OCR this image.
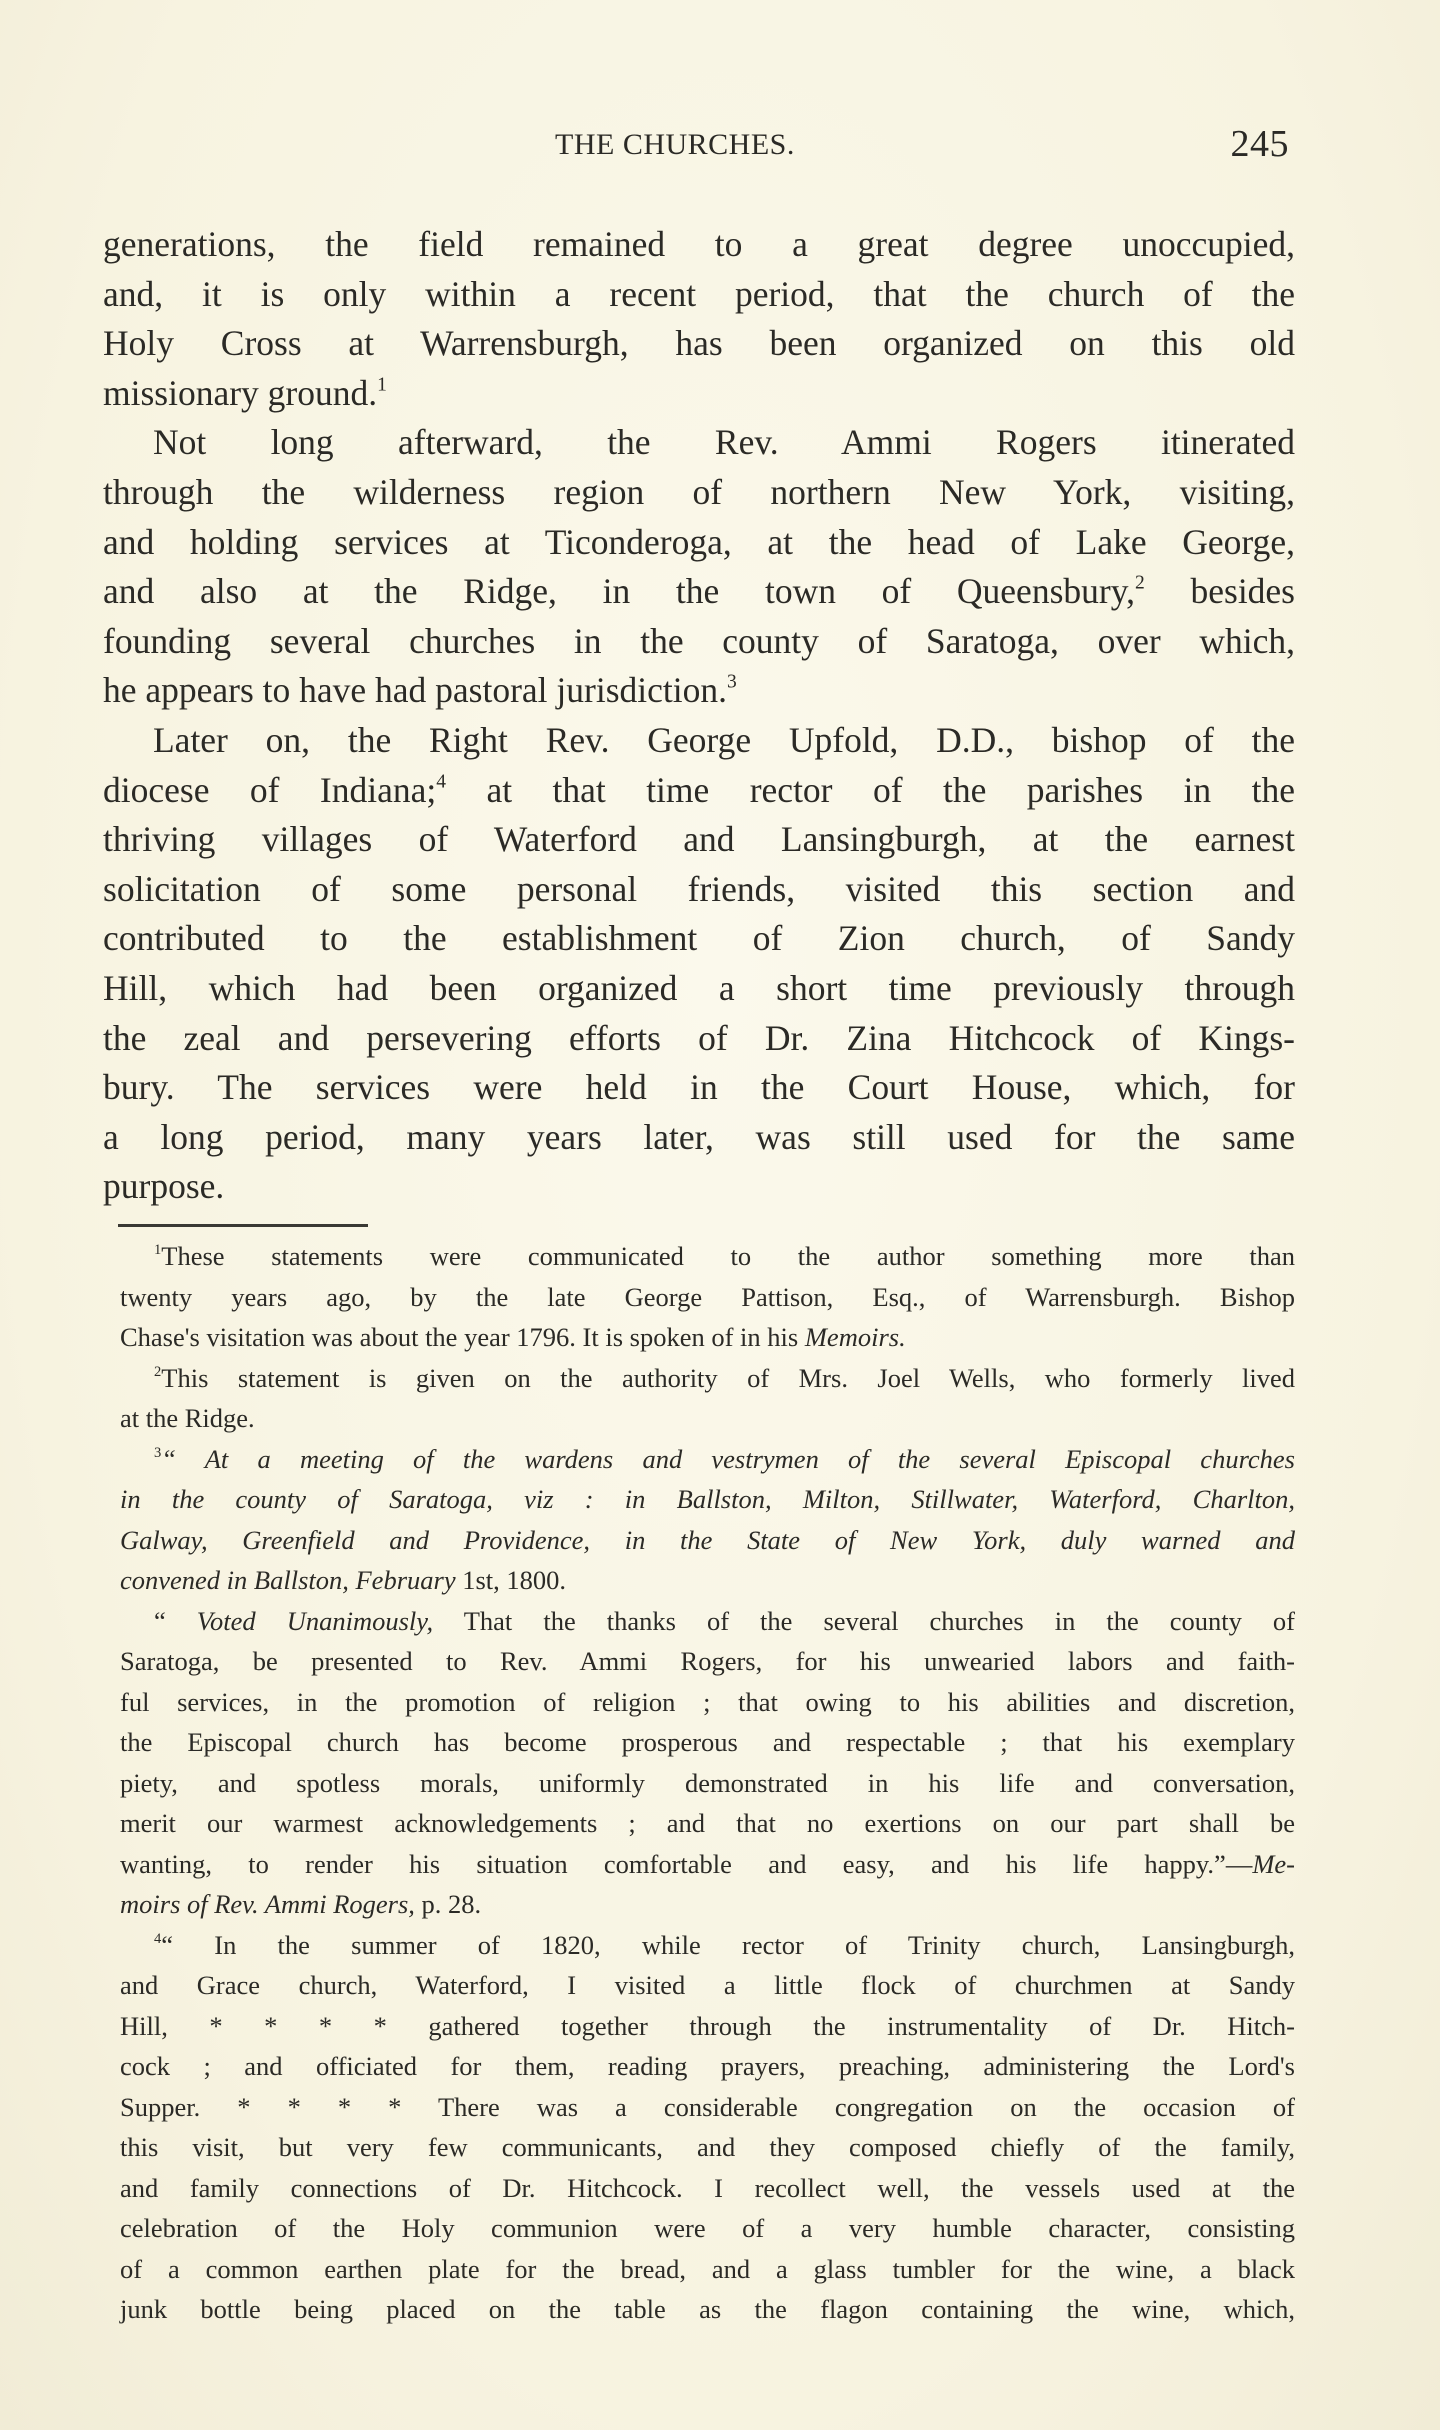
THE CHURCHES.	245
generations, the field remained to a great degree unoccupied,
and, it is only within a recent period, that the church of the
Holy Cross at Warrensburgh, has been organized on this old
missionary ground.$^1$
Not long afterward, the Rev. Ammi Rogers itinerated
through the wilderness region of northern New York, visiting,
and holding services at Ticonderoga, at the head of Lake George,
and also at the Ridge, in the town of Queensbury,$^2$ besides
founding several churches in the county of Saratoga, over which,
he appears to have had pastoral jurisdiction.$^3$
Later on, the Right Rev. George Upfold, D.D., bishop of the
diocese of Indiana;$^4$ at that time rector of the parishes in the
thriving villages of Waterford and Lansingburgh, at the earnest
solicitation of some personal friends, visited this section and
contributed to the establishment of Zion church, of Sandy
Hill, which had been organized a short time previously through
the zeal and persevering efforts of Dr. Zina Hitchcock of Kings-
bury. The services were held in the Court House, which, for
a long period, many years later, was still used for the same
purpose.
$^1$These statements were communicated to the author something more than
twenty years ago, by the late George Pattison, Esq., of Warrensburgh. Bishop
Chase's visitation was about the year 1796. It is spoken of in his Memoirs.
$^2$This statement is given on the authority of Mrs. Joel Wells, who formerly lived
at the Ridge.
$^3$“ At a meeting of the wardens and vestrymen of the several Episcopal churches
in the county of Saratoga, viz : in Ballston, Milton, Stillwater, Waterford, Charlton,
Galway, Greenfield and Providence, in the State of New York, duly warned and
convened in Ballston, February 1st, 1800.
“ Voted Unanimously, That the thanks of the several churches in the county of
Saratoga, be presented to Rev. Ammi Rogers, for his unwearied labors and faith-
ful services, in the promotion of religion ; that owing to his abilities and discretion,
the Episcopal church has become prosperous and respectable ; that his exemplary
piety, and spotless morals, uniformly demonstrated in his life and conversation,
merit our warmest acknowledgements ; and that no exertions on our part shall be
wanting, to render his situation comfortable and easy, and his life happy.”—Me-
moirs of Rev. Ammi Rogers, p. 28.
$^4$“ In the summer of 1820, while rector of Trinity church, Lansingburgh,
and Grace church, Waterford, I visited a little flock of churchmen at Sandy
Hill, * * * * gathered together through the instrumentality of Dr. Hitch-
cock ; and officiated for them, reading prayers, preaching, administering the Lord's
Supper. * * * * There was a considerable congregation on the occasion of
this visit, but very few communicants, and they composed chiefly of the family,
and family connections of Dr. Hitchcock. I recollect well, the vessels used at the
celebration of the Holy communion were of a very humble character, consisting
of a common earthen plate for the bread, and a glass tumbler for the wine, a black
junk bottle being placed on the table as the flagon containing the wine, which,
